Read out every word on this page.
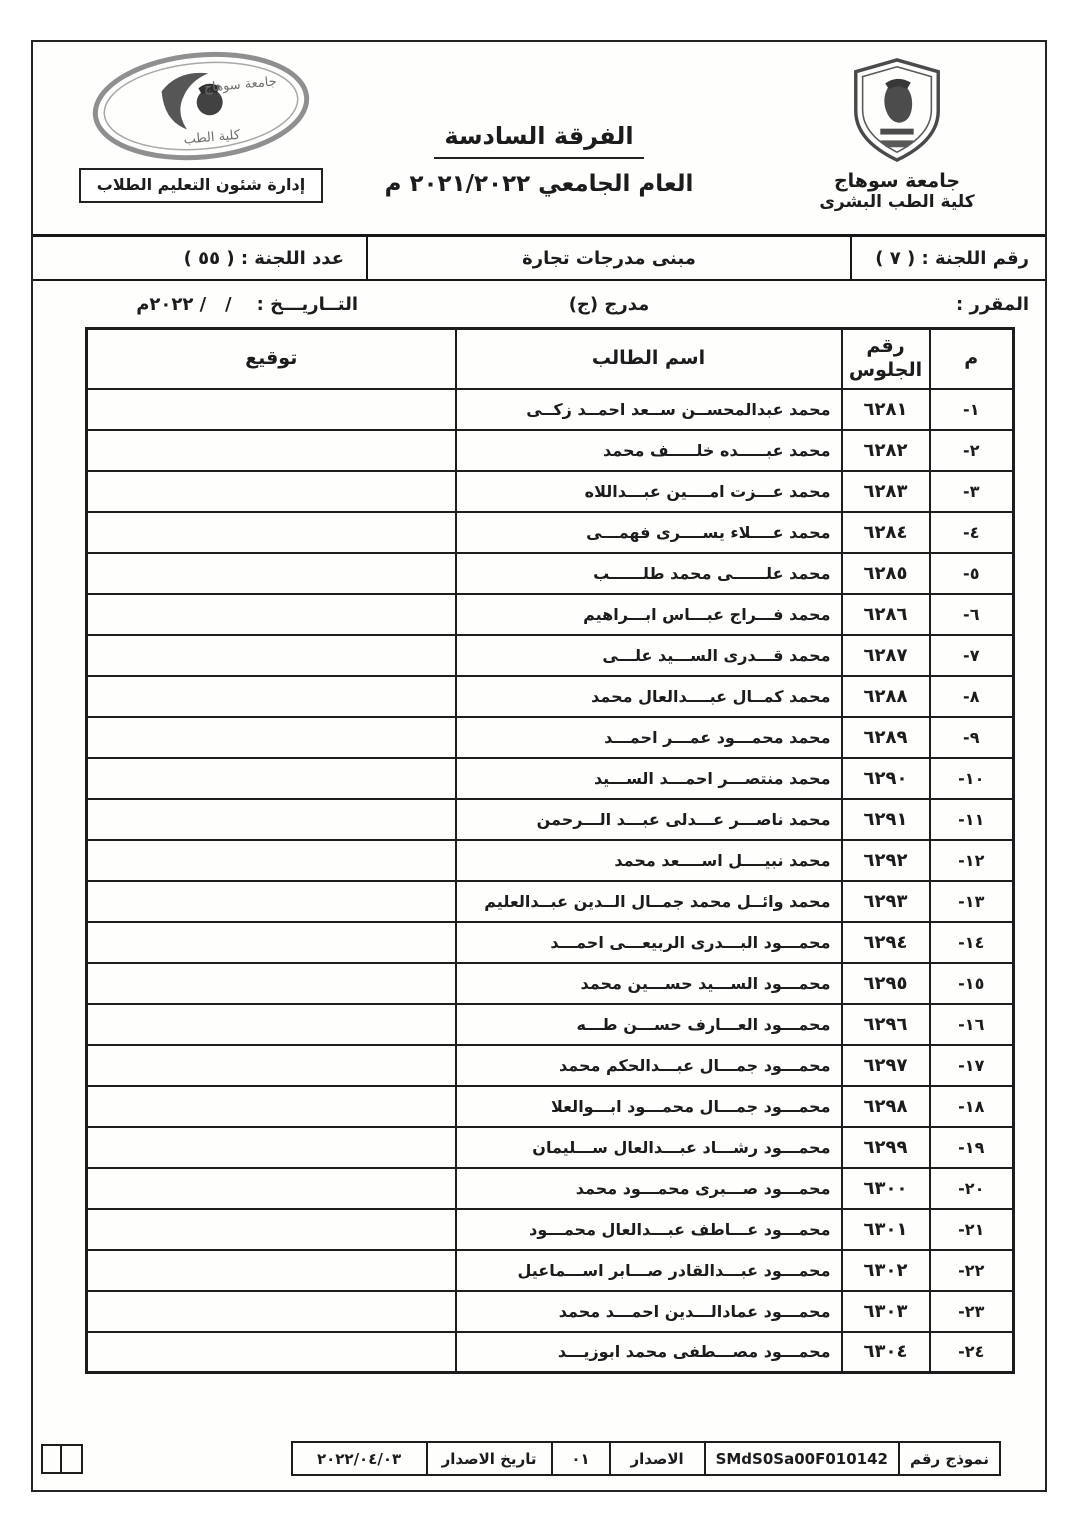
جامعة سوهاج
كلية الطب البشرى
الفرقة السادسة
العام الجامعي ٢٠٢١/٢٠٢٢ م
جامعة سوهاج
كلية الطب
إدارة شئون التعليم الطلاب
رقم اللجنة : ( ٧ )
مبنى مدرجات تجارة
عدد اللجنة : ( ٥٥ )
المقرر :
مدرج (ج)
التــاريـــخ :    /   / ٢٠٢٢م
م	رقم الجلوس	اسم الطالب	توقيع
١-	٦٢٨١	محمد عبدالمحســن ســعد احمــد زكــى	
٢-	٦٢٨٢	محمد عبـــــده خلـــــف محمد	
٣-	٦٢٨٣	محمد عـــزت امــــين عبـــداللاه	
٤-	٦٢٨٤	محمد عــــلاء يســــرى فهمـــى	
٥-	٦٢٨٥	محمد علــــــى محمد طلــــــب	
٦-	٦٢٨٦	محمد فـــراج عبـــاس ابـــراهيم	
٧-	٦٢٨٧	محمد قـــدرى الســـيد علـــى	
٨-	٦٢٨٨	محمد كمــال عبــــدالعال محمد	
٩-	٦٢٨٩	محمد محمـــود عمـــر احمـــد	
١٠-	٦٢٩٠	محمد منتصـــر احمـــد الســـيد	
١١-	٦٢٩١	محمد ناصـــر عـــدلى عبـــد الـــرحمن	
١٢-	٦٢٩٢	محمد نبيــــل اســــعد محمد	
١٣-	٦٢٩٣	محمد وائــل محمد جمــال الــدين عبــدالعليم	
١٤-	٦٢٩٤	محمـــود البـــدرى الربيعـــى احمـــد	
١٥-	٦٢٩٥	محمـــود الســـيد حســـين محمد	
١٦-	٦٢٩٦	محمـــود العـــارف حســـن طـــه	
١٧-	٦٢٩٧	محمـــود جمـــال عبـــدالحكم محمد	
١٨-	٦٢٩٨	محمـــود جمـــال محمـــود ابـــوالعلا	
١٩-	٦٢٩٩	محمـــود رشـــاد عبـــدالعال ســـليمان	
٢٠-	٦٣٠٠	محمـــود صـــبرى محمـــود محمد	
٢١-	٦٣٠١	محمـــود عـــاطف عبـــدالعال محمـــود	
٢٢-	٦٣٠٢	محمـــود عبـــدالقادر صـــابر اســـماعيل	
٢٣-	٦٣٠٣	محمـــود عمادالـــدين احمـــد محمد	
٢٤-	٦٣٠٤	محمـــود مصـــطفى محمد ابوزيـــد	
نموذج رقم	SMdS0Sa00F010142	الاصدار	٠١	تاريخ الاصدار	٢٠٢٢/٠٤/٠٣
